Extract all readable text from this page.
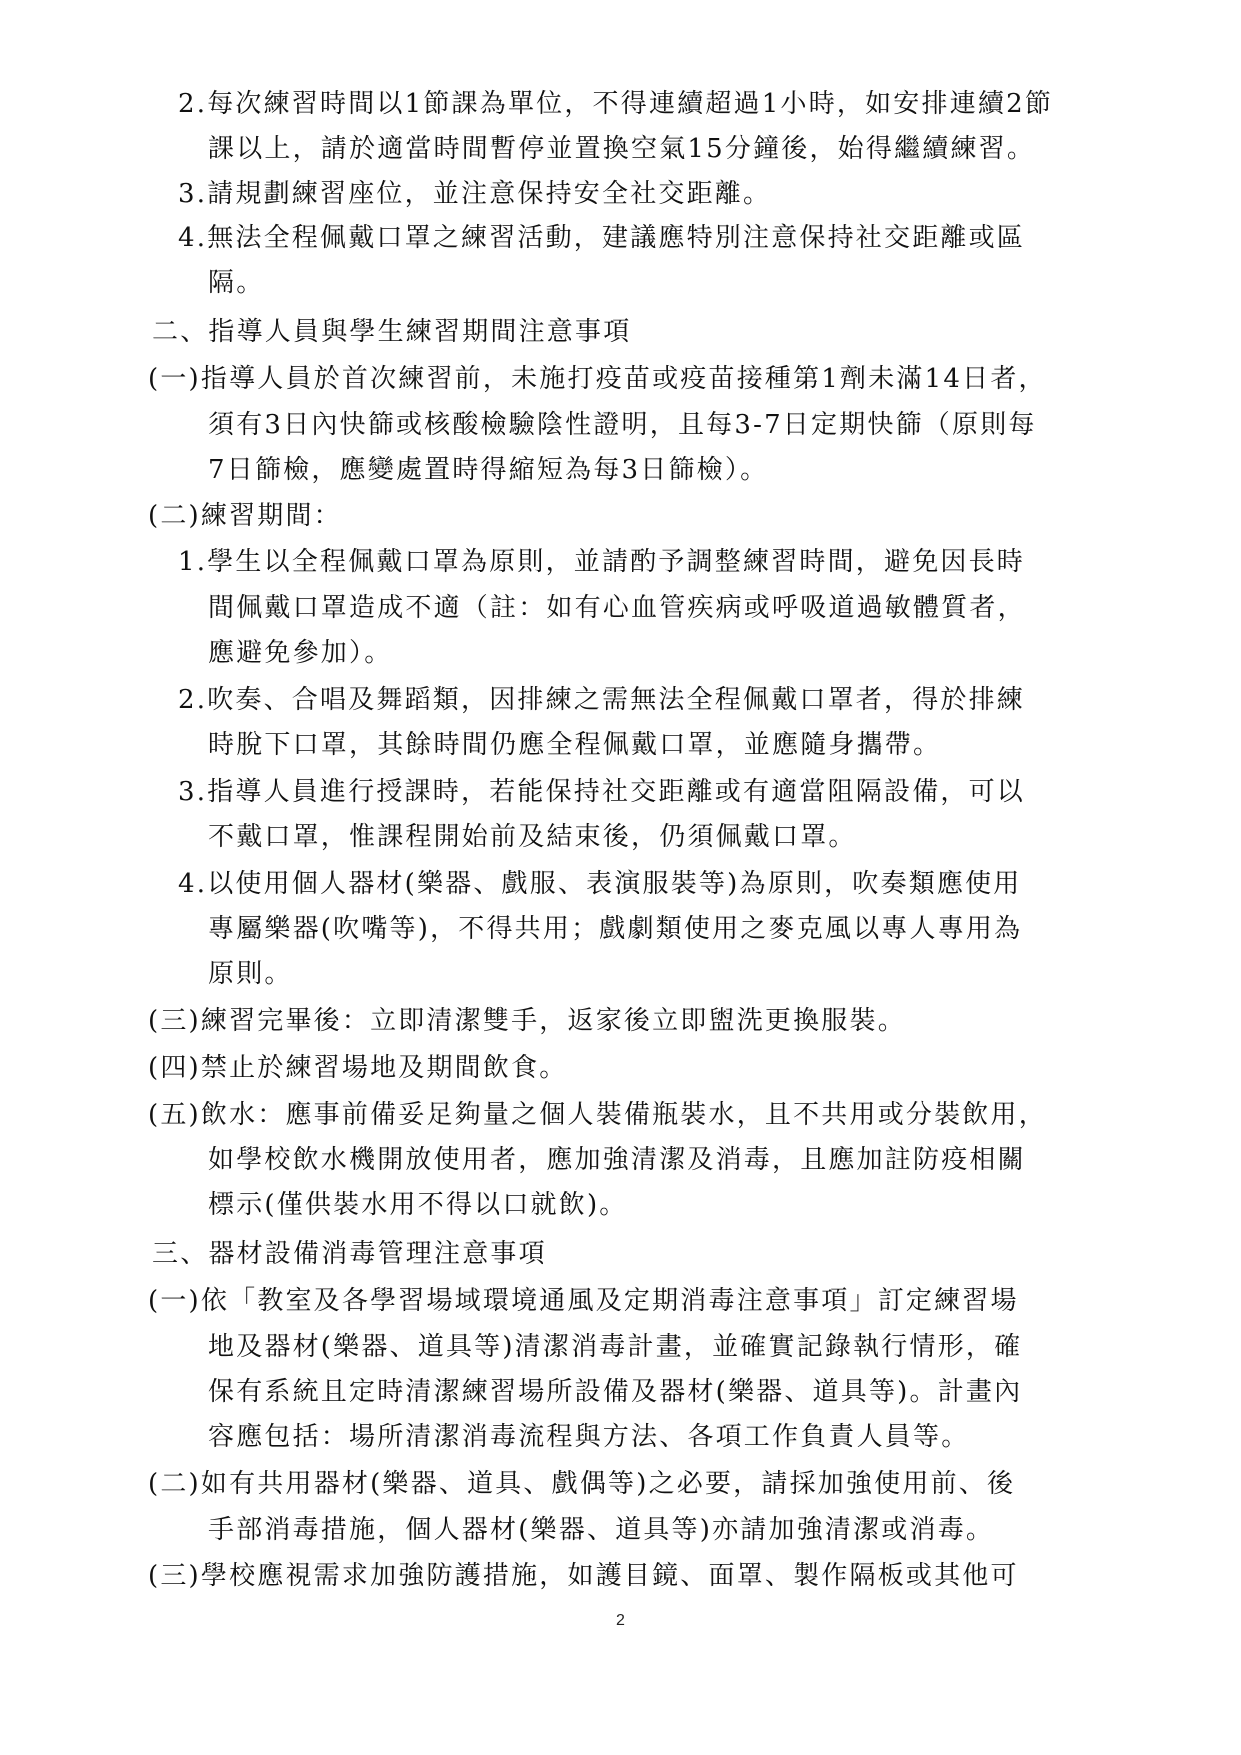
2.每次練習時間以1節課為單位，不得連續超過1小時，如安排連續2節
課以上，請於適當時間暫停並置換空氣15分鐘後，始得繼續練習。
3.請規劃練習座位，並注意保持安全社交距離。
4.無法全程佩戴口罩之練習活動，建議應特別注意保持社交距離或區
隔。
二、指導人員與學生練習期間注意事項
(一)指導人員於首次練習前，未施打疫苗或疫苗接種第1劑未滿14日者，
須有3日內快篩或核酸檢驗陰性證明，且每3-7日定期快篩（原則每
7日篩檢，應變處置時得縮短為每3日篩檢）。
(二)練習期間：
1.學生以全程佩戴口罩為原則，並請酌予調整練習時間，避免因長時
間佩戴口罩造成不適（註：如有心血管疾病或呼吸道過敏體質者，
應避免參加）。
2.吹奏、合唱及舞蹈類，因排練之需無法全程佩戴口罩者，得於排練
時脫下口罩，其餘時間仍應全程佩戴口罩，並應隨身攜帶。
3.指導人員進行授課時，若能保持社交距離或有適當阻隔設備，可以
不戴口罩，惟課程開始前及結束後，仍須佩戴口罩。
4.以使用個人器材(樂器、戲服、表演服裝等)為原則，吹奏類應使用
專屬樂器(吹嘴等)，不得共用；戲劇類使用之麥克風以專人專用為
原則。
(三)練習完畢後：立即清潔雙手，返家後立即盥洗更換服裝。
(四)禁止於練習場地及期間飲食。
(五)飲水：應事前備妥足夠量之個人裝備瓶裝水，且不共用或分裝飲用，
如學校飲水機開放使用者，應加強清潔及消毒，且應加註防疫相關
標示(僅供裝水用不得以口就飲)。
三、器材設備消毒管理注意事項
(一)依「教室及各學習場域環境通風及定期消毒注意事項」訂定練習場
地及器材(樂器、道具等)清潔消毒計畫，並確實記錄執行情形，確
保有系統且定時清潔練習場所設備及器材(樂器、道具等)。計畫內
容應包括：場所清潔消毒流程與方法、各項工作負責人員等。
(二)如有共用器材(樂器、道具、戲偶等)之必要，請採加強使用前、後
手部消毒措施，個人器材(樂器、道具等)亦請加強清潔或消毒。
(三)學校應視需求加強防護措施，如護目鏡、面罩、製作隔板或其他可
2
